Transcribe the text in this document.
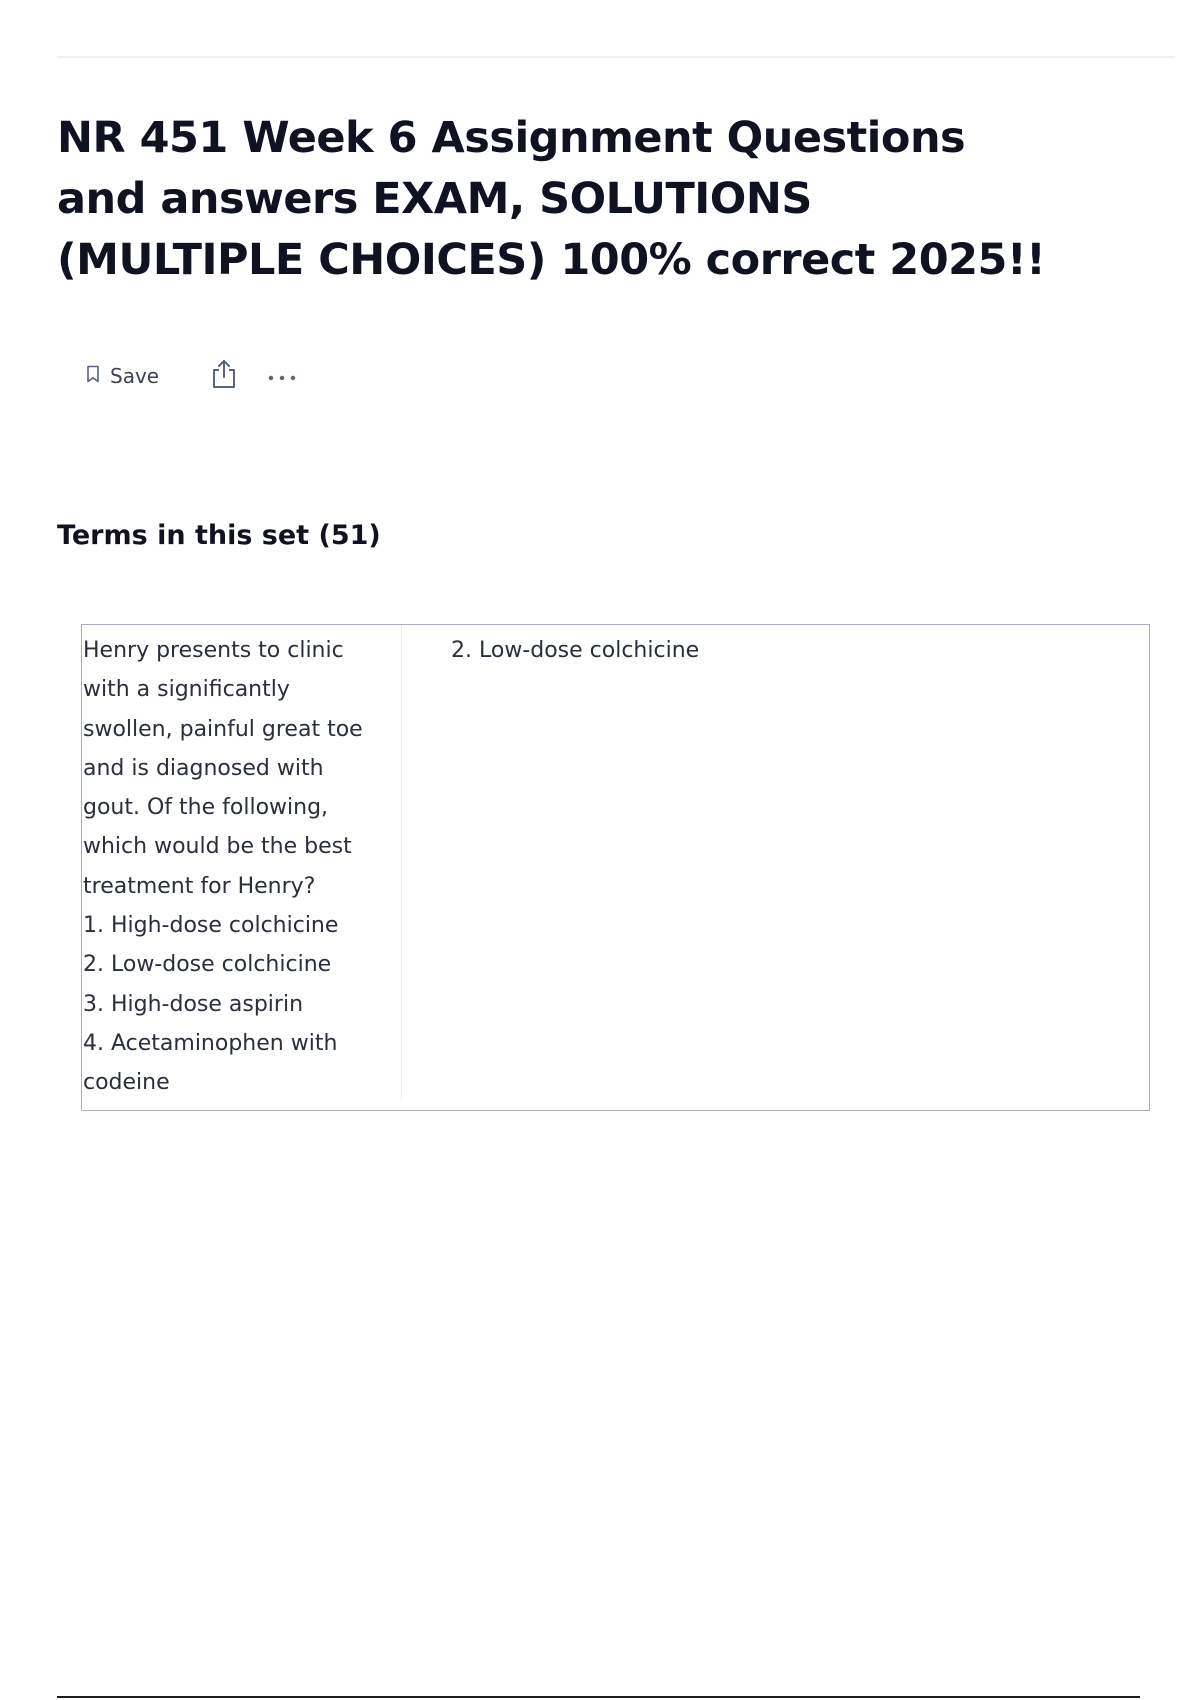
NR 451 Week 6 Assignment Questions and answers EXAM, SOLUTIONS (MULTIPLE CHOICES) 100% correct 2025!!
Save
Terms in this set (51)
Henry presents to clinic
with a significantly
swollen, painful great toe
and is diagnosed with
gout. Of the following,
which would be the best
treatment for Henry?
1. High-dose colchicine
2. Low-dose colchicine
3. High-dose aspirin
4. Acetaminophen with
codeine
2. Low-dose colchicine
